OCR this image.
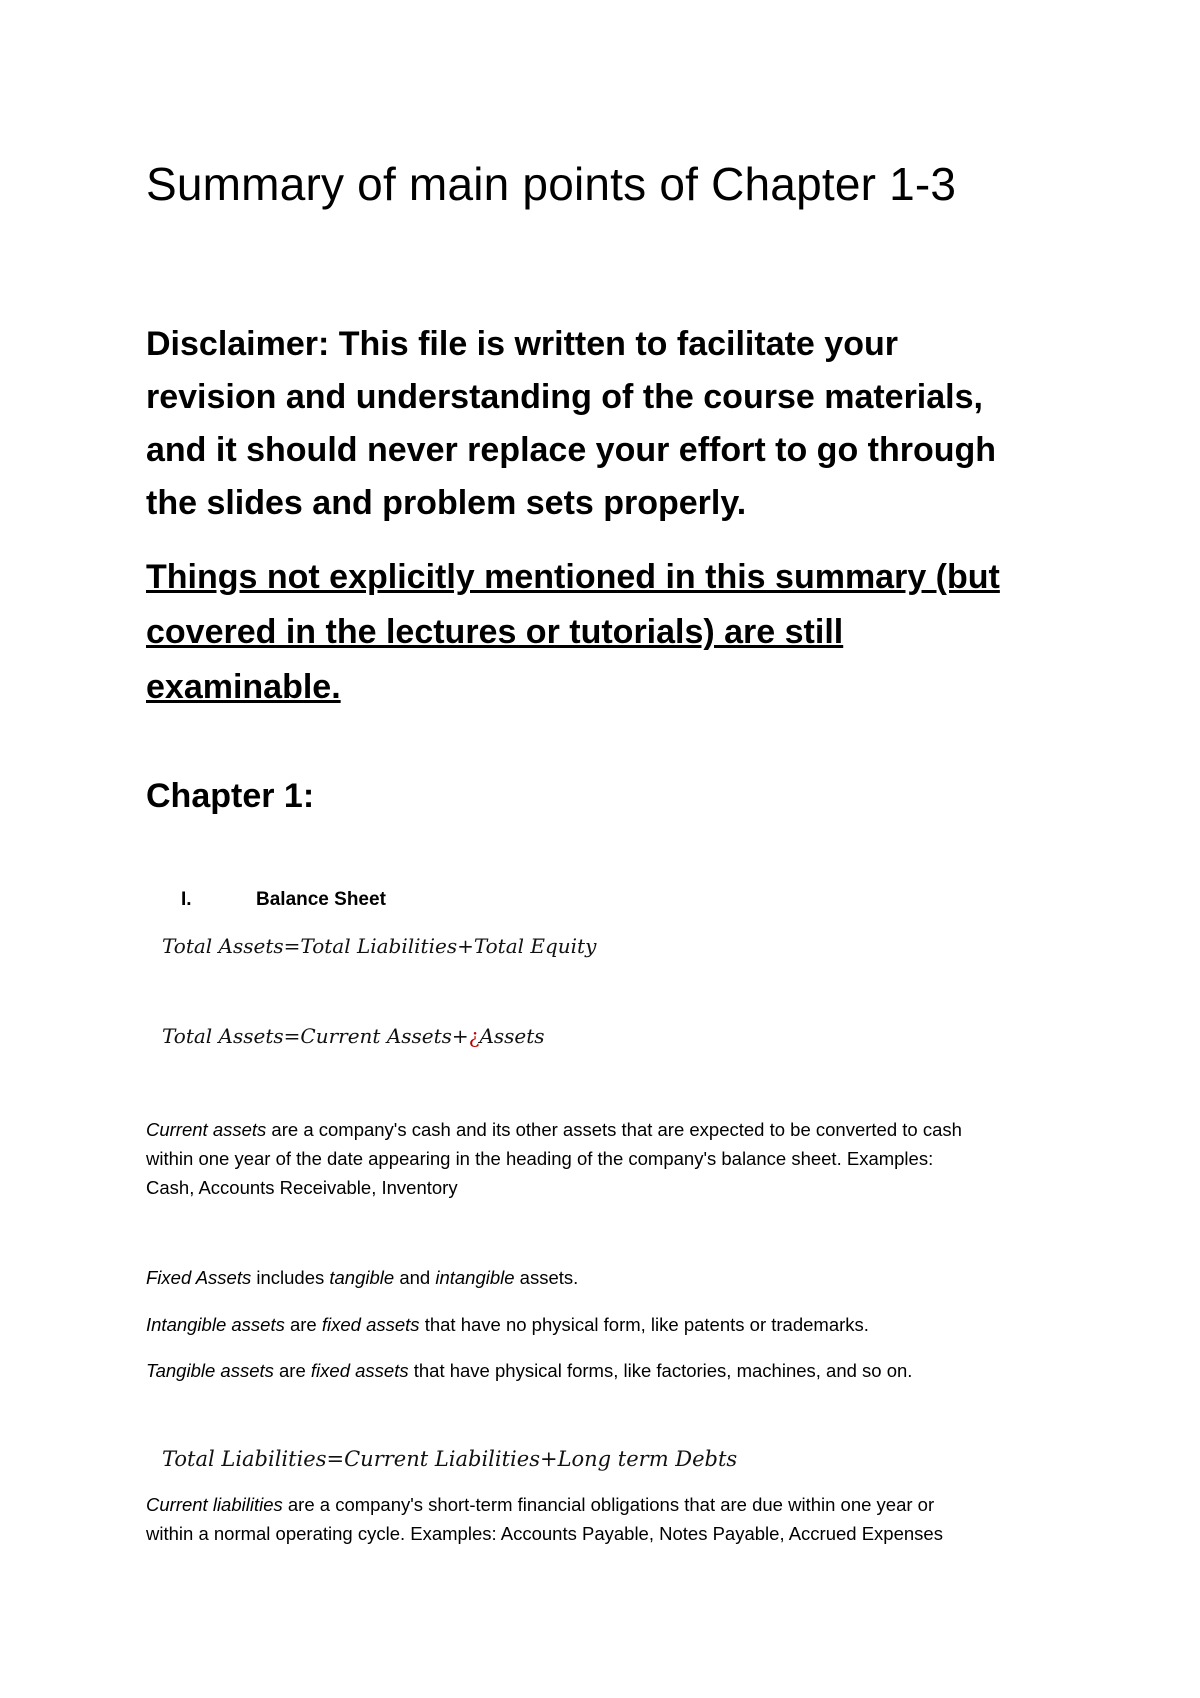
Summary of main points of Chapter 1-3
Disclaimer: This file is written to facilitate your
revision and understanding of the course materials,
and it should never replace your effort to go through
the slides and problem sets properly.
Things not explicitly mentioned in this summary (but
covered in the lectures or tutorials) are still
examinable.
Chapter 1:
I.	Balance Sheet
Total Assets=Total Liabilities+Total Equity
Total Assets=Current Assets+¿Assets
Current assets are a company's cash and its other assets that are expected to be converted to cash
within one year of the date appearing in the heading of the company's balance sheet. Examples:
Cash, Accounts Receivable, Inventory
Fixed Assets includes tangible and intangible assets.
Intangible assets are fixed assets that have no physical form, like patents or trademarks.
Tangible assets are fixed assets that have physical forms, like factories, machines, and so on.
Total Liabilities=Current Liabilities+Long term Debts
Current liabilities are a company's short-term financial obligations that are due within one year or
within a normal operating cycle. Examples: Accounts Payable, Notes Payable, Accrued Expenses
